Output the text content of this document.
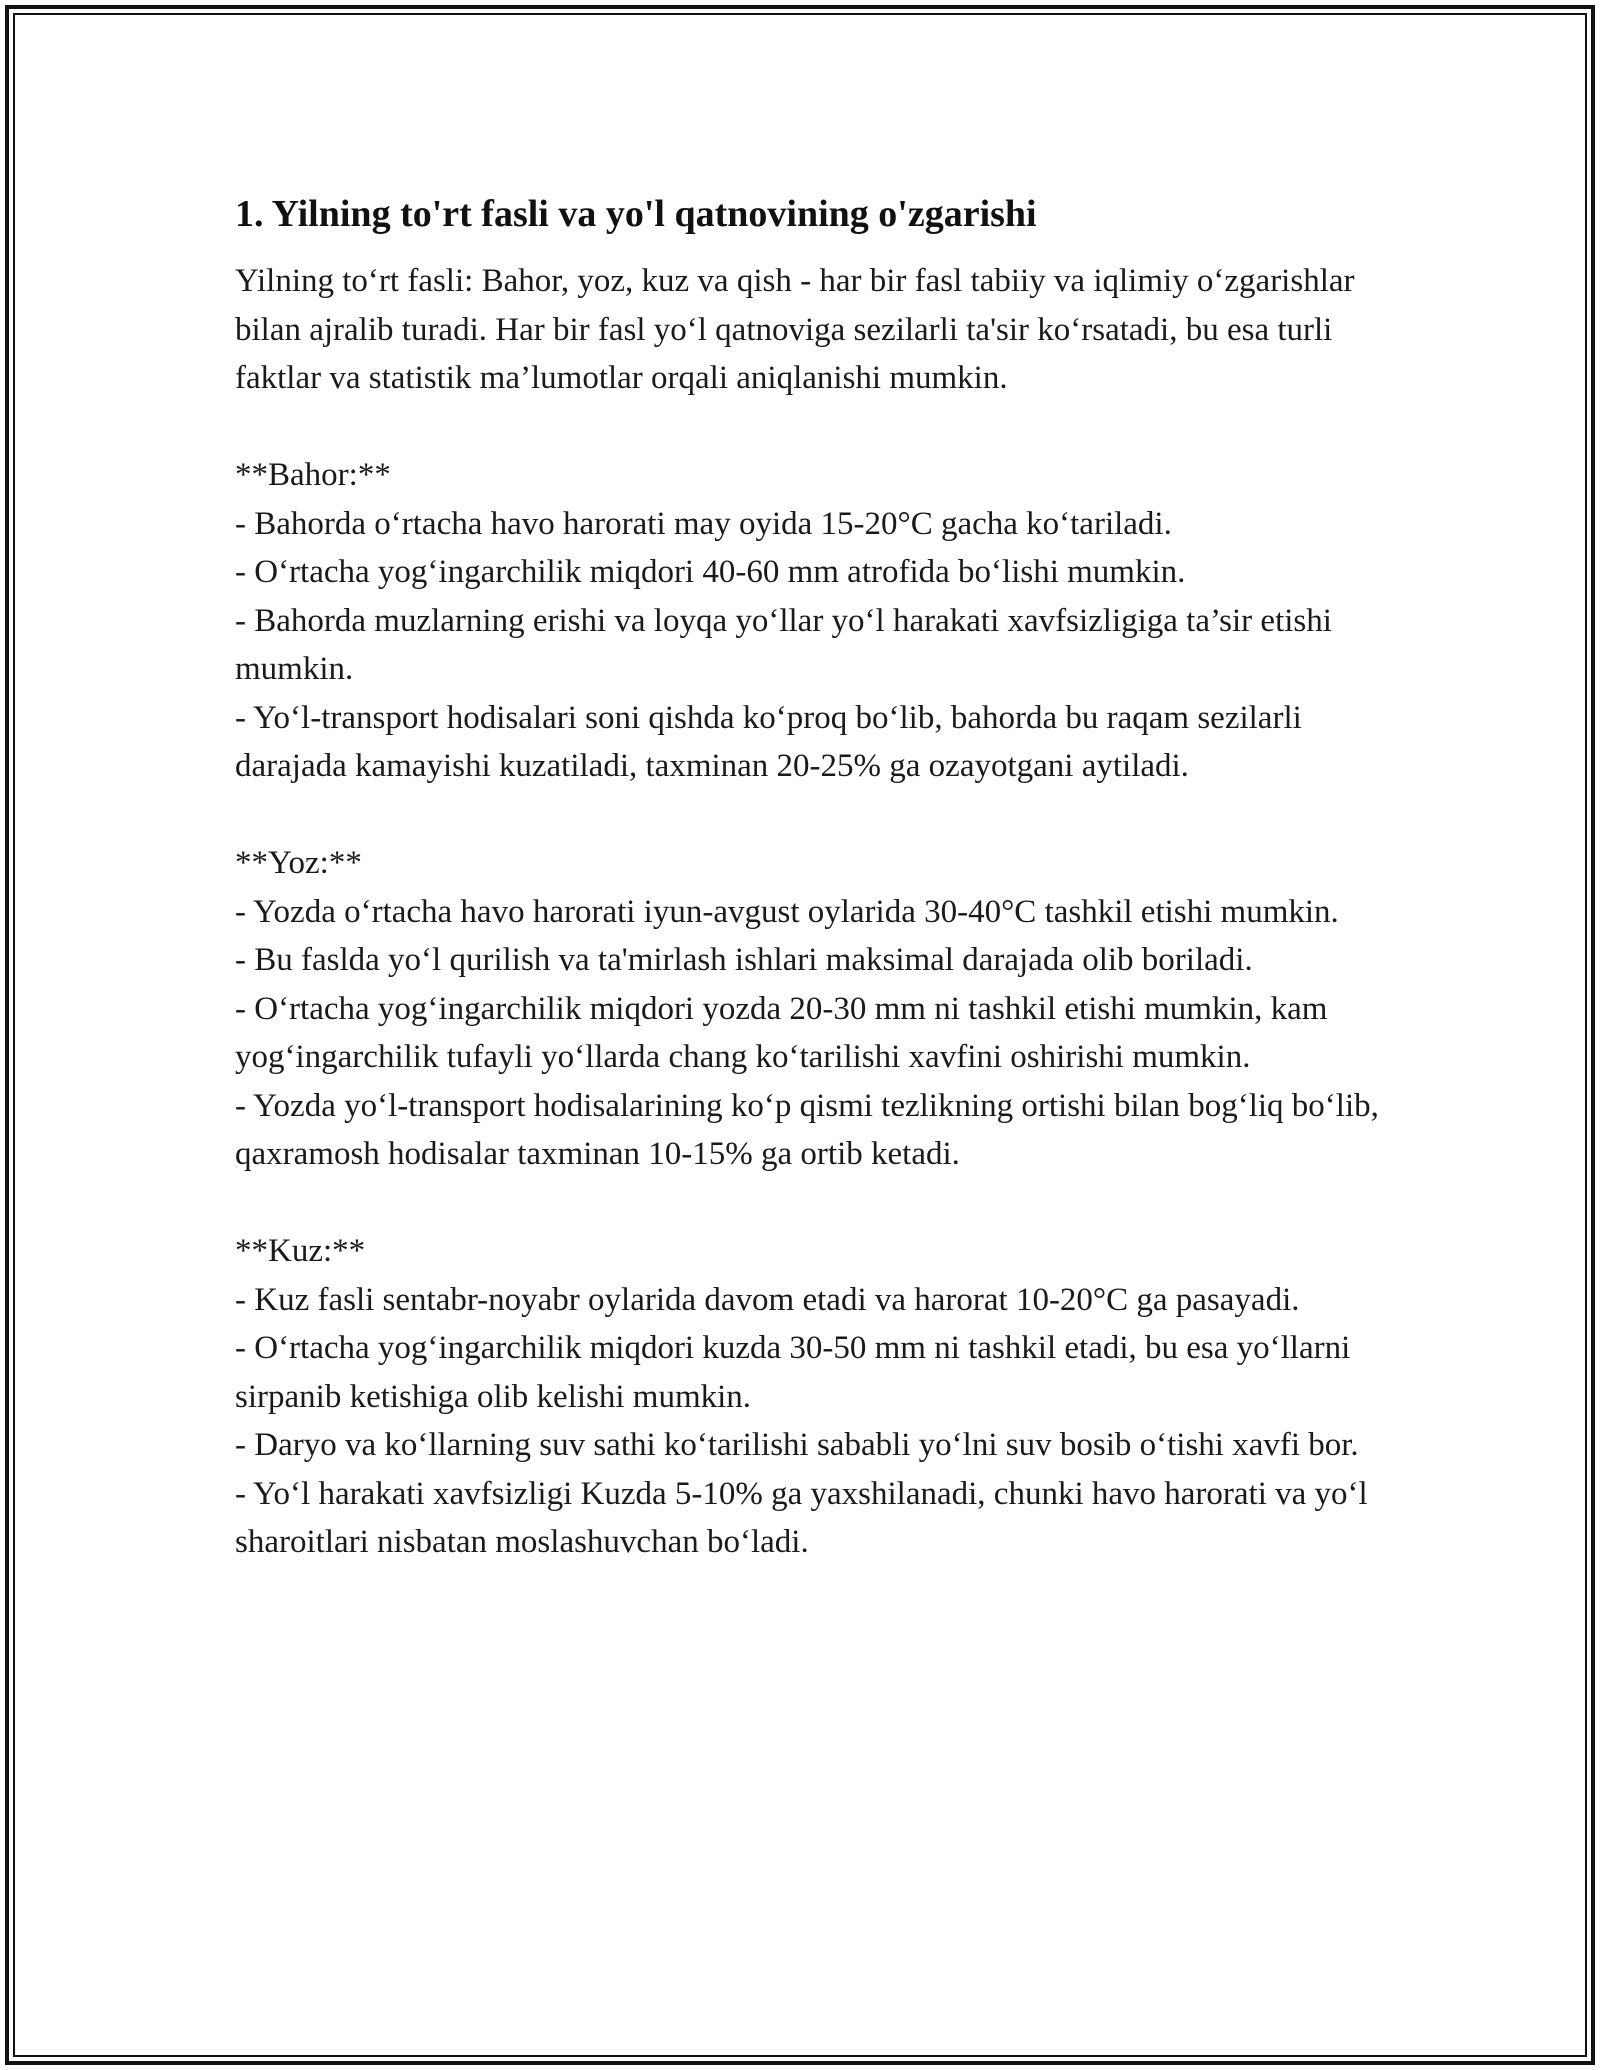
1. Yilning to'rt fasli va yo'l qatnovining o'zgarishi

Yilning to‘rt fasli: Bahor, yoz, kuz va qish - har bir fasl tabiiy va iqlimiy o‘zgarishlar bilan ajralib turadi. Har bir fasl yo‘l qatnoviga sezilarli ta'sir ko‘rsatadi, bu esa turli faktlar va statistik ma’lumotlar orqali aniqlanishi mumkin.

**Bahor:**
- Bahorda o‘rtacha havo harorati may oyida 15-20°C gacha ko‘tariladi.
- O‘rtacha yog‘ingarchilik miqdori 40-60 mm atrofida bo‘lishi mumkin.
- Bahorda muzlarning erishi va loyqa yo‘llar yo‘l harakati xavfsizligiga ta’sir etishi mumkin.
- Yo‘l-transport hodisalari soni qishda ko‘proq bo‘lib, bahorda bu raqam sezilarli darajada kamayishi kuzatiladi, taxminan 20-25% ga ozayotgani aytiladi.
**Yoz:**
- Yozda o‘rtacha havo harorati iyun-avgust oylarida 30-40°C tashkil etishi mumkin.
- Bu faslda yo‘l qurilish va ta'mirlash ishlari maksimal darajada olib boriladi.
- O‘rtacha yog‘ingarchilik miqdori yozda 20-30 mm ni tashkil etishi mumkin, kam yog‘ingarchilik tufayli yo‘llarda chang ko‘tarilishi xavfini oshirishi mumkin.
- Yozda yo‘l-transport hodisalarining ko‘p qismi tezlikning ortishi bilan bog‘liq bo‘lib, qaxramosh hodisalar taxminan 10-15% ga ortib ketadi.
**Kuz:**
- Kuz fasli sentabr-noyabr oylarida davom etadi va harorat 10-20°C ga pasayadi.
- O‘rtacha yog‘ingarchilik miqdori kuzda 30-50 mm ni tashkil etadi, bu esa yo‘llarni sirpanib ketishiga olib kelishi mumkin.
- Daryo va ko‘llarning suv sathi ko‘tarilishi sababli yo‘lni suv bosib o‘tishi xavfi bor.
- Yo‘l harakati xavfsizligi Kuzda 5-10% ga yaxshilanadi, chunki havo harorati va yo‘l sharoitlari nisbatan moslashuvchan bo‘ladi.
